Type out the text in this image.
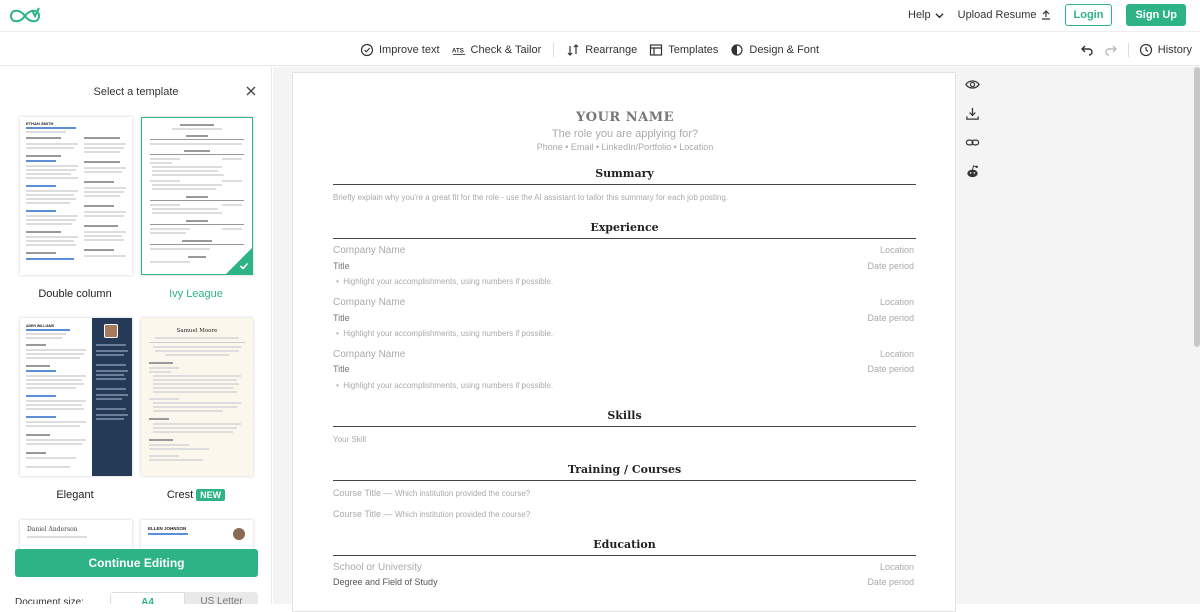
Help Upload Resume	Login	Sign Up
Improve text ATS Check & Tailor	Rearrange	Templates	Design & Font	History
Select a template
ETHAN SMITH
Double column	Ivy League
ADEN WILLIAMS
Elegant
Samuel Moore
Crest NEW
Daniel Anderson	ELLEN JOHNSON
Continue Editing
Document size:	A4	US Letter
YOUR NAME
The role you are applying for?
Phone • Email • LinkedIn/Portfolio • Location
Summary
Briefly explain why you're a great fit for the role - use the AI assistant to tailor this summary for each job posting.
Experience
Company Name	Location
Title	Date period
•  Highlight your accomplishments, using numbers if possible.
Company Name	Location
Title	Date period
•  Highlight your accomplishments, using numbers if possible.
Company Name	Location
Title	Date period
•  Highlight your accomplishments, using numbers if possible.
Skills
Your Skill
Training / Courses
Course Title — Which institution provided the course?
Course Title — Which institution provided the course?
Education
School or University	Location
Degree and Field of Study	Date period
